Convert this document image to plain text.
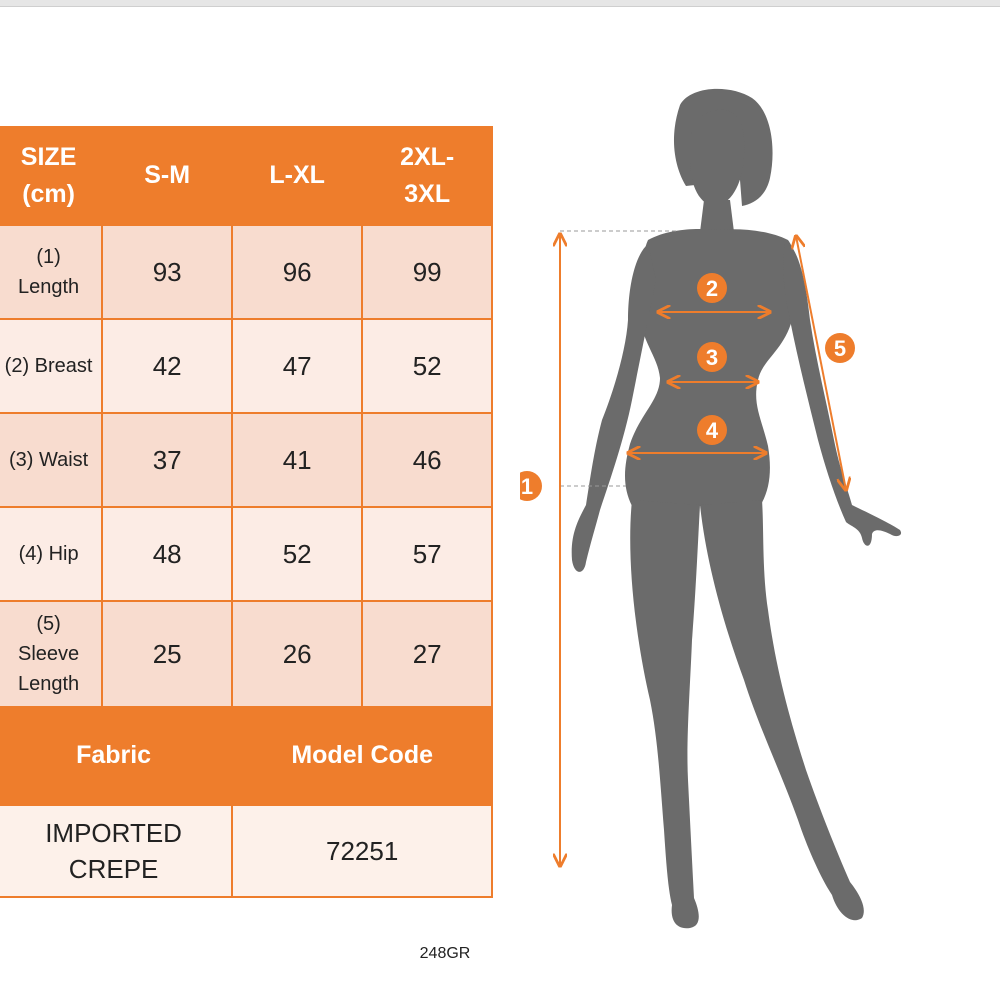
SIZE (cm)	S-M	L-XL	2XL-3XL
(1) Length	93	96	99
(2) Breast	42	47	52
(3) Waist	37	41	46
(4) Hip	48	52	57
(5) Sleeve Length	25	26	27
Fabric		Model Code	
IMPORTED CREPE		72251	
1
2
3
4
5
248GR
